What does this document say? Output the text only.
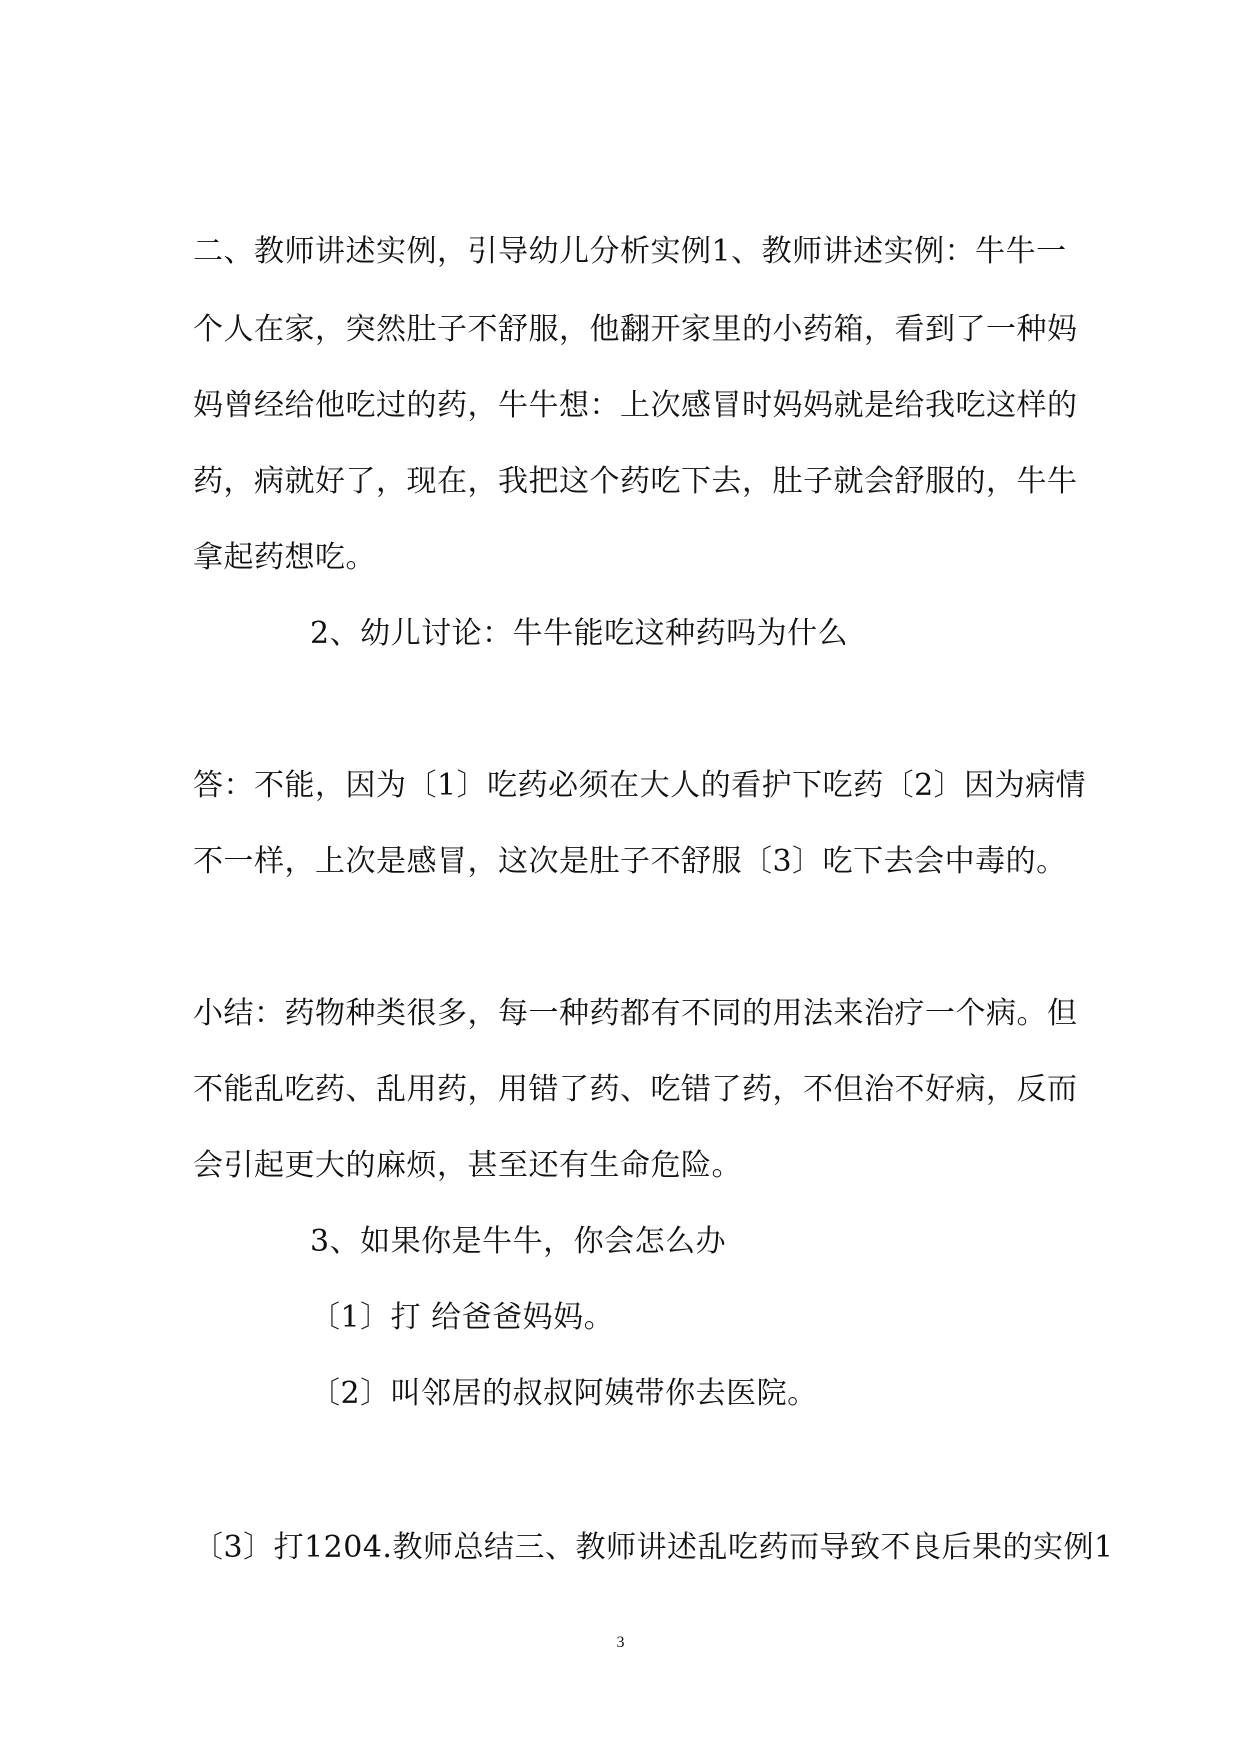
二、教师讲述实例，引导幼儿分析实例1、教师讲述实例：牛牛一
个人在家，突然肚子不舒服，他翻开家里的小药箱，看到了一种妈
妈曾经给他吃过的药，牛牛想：上次感冒时妈妈就是给我吃这样的
药，病就好了，现在，我把这个药吃下去，肚子就会舒服的，牛牛
拿起药想吃。
2、幼儿讨论：牛牛能吃这种药吗为什么
答：不能，因为〔1〕吃药必须在大人的看护下吃药〔2〕因为病情
不一样，上次是感冒，这次是肚子不舒服〔3〕吃下去会中毒的。
小结：药物种类很多，每一种药都有不同的用法来治疗一个病。但
不能乱吃药、乱用药，用错了药、吃错了药，不但治不好病，反而
会引起更大的麻烦，甚至还有生命危险。
3、如果你是牛牛，你会怎么办
〔1〕打 给爸爸妈妈。
〔2〕叫邻居的叔叔阿姨带你去医院。
〔3〕打1204.教师总结三、教师讲述乱吃药而导致不良后果的实例1
3
